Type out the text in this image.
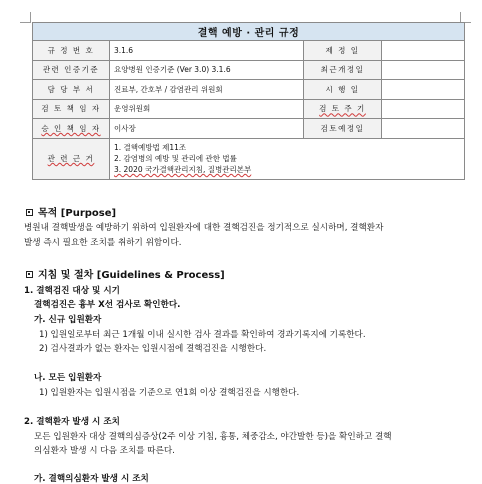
결핵 예방 · 관리 규정			
규 정 번 호	3.1.6	제 정 일	
관련 인증기준	요양병원 인증기준 (Ver 3.0) 3.1.6	최근개정일	
담 당 부 서	진료부, 간호부 / 감염관리 위원회	시 행 일	
검 토 책 임 자	운영위원회	검 토 주 기	
승 인 책 임 자	이사장	검토예정일	
관 련 근 거	1. 결핵예방법 제11조
2. 감염병의 예방 및 관리에 관한 법률
3. 2020 국가결핵관리지침, 질병관리본부		
목적 [Purpose]
병원내 결핵발생을 예방하기 위하여 입원환자에 대한 결핵검진을 정기적으로 실시하며, 결핵환자
발생 즉시 필요한 조치를 취하기 위함이다.
지침 및 절차 [Guidelines & Process]
1. 결핵검진 대상 및 시기
결핵검진은 흉부 X선 검사로 확인한다.
가. 신규 입원환자
1) 입원일로부터 최근 1개월 이내 실시한 검사 결과를 확인하여 경과기록지에 기록한다.
2) 검사결과가 없는 환자는 입원시점에 결핵검진을 시행한다.
나. 모든 입원환자
1) 입원환자는 입원시점을 기준으로 연1회 이상 결핵검진을 시행한다.
2. 결핵환자 발생 시 조치
모든 입원환자 대상 결핵의심증상(2주 이상 기침, 흉통, 체중감소, 야간발한 등)을 확인하고 결핵
의심환자 발생 시 다음 조치를 따른다.
가. 결핵의심환자 발생 시 조치
